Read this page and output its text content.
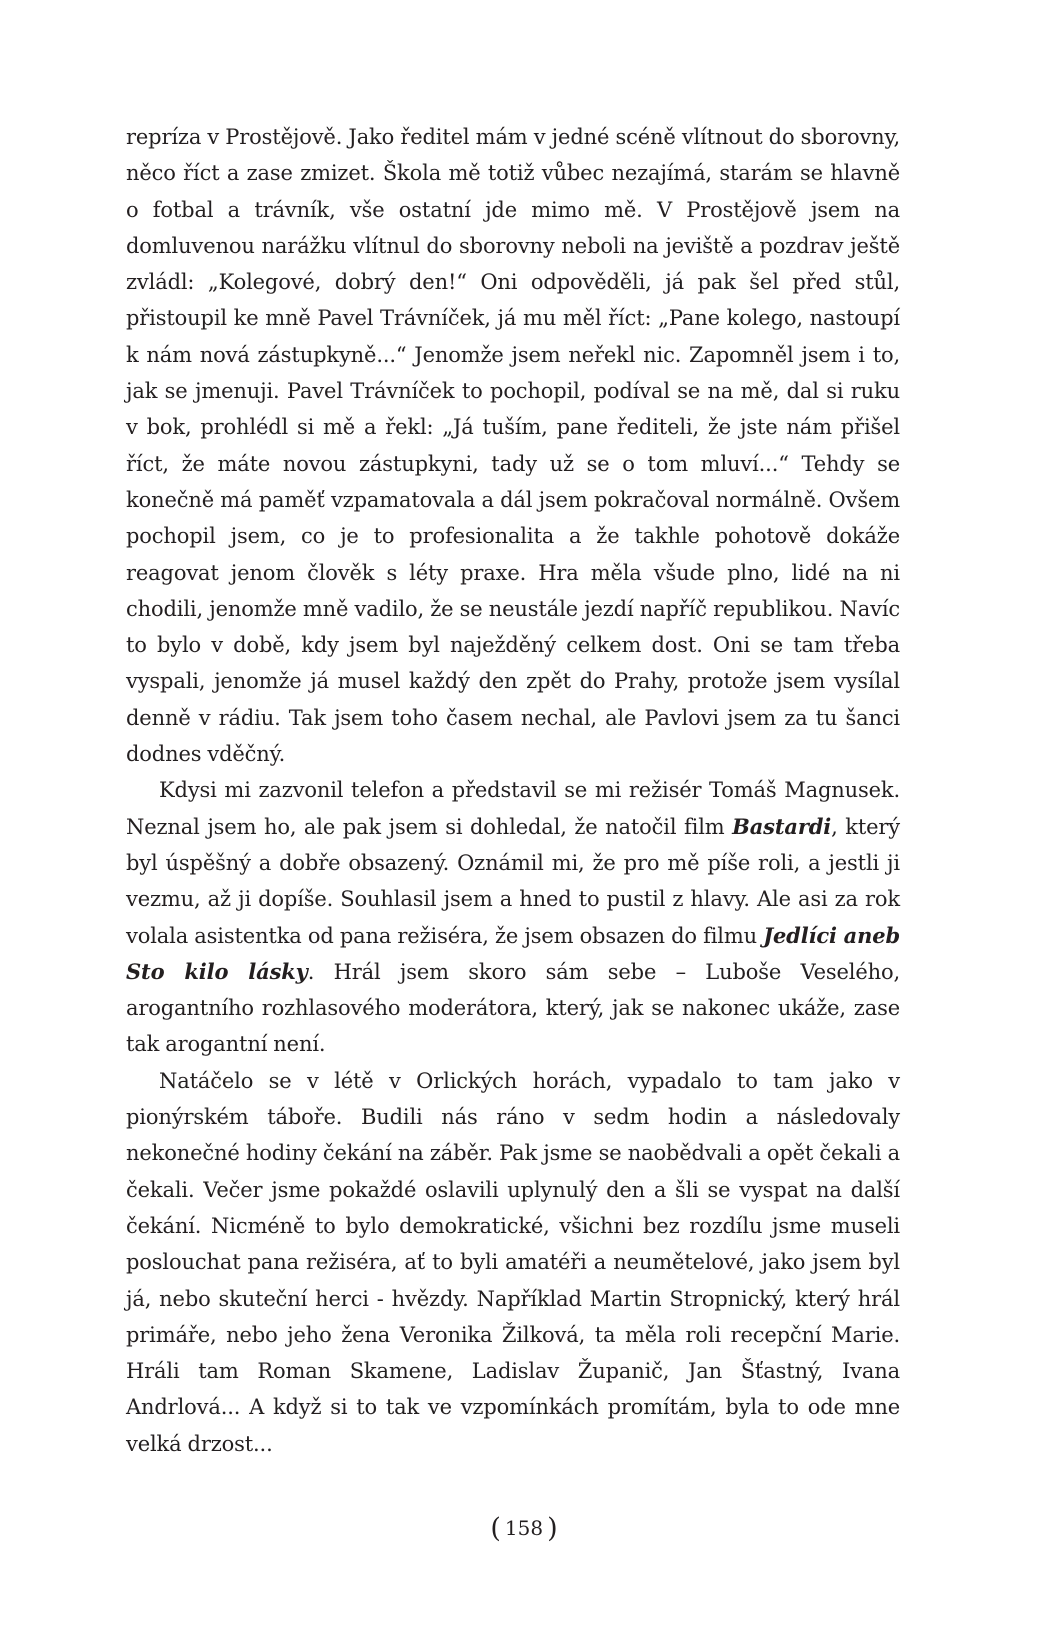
repríza v Prostějově. Jako ředitel mám v jedné scéně vlítnout do sborovny, něco říct a zase zmizet. Škola mě totiž vůbec nezajímá, starám se hlavně o fotbal a trávník, vše ostatní jde mimo mě. V Prostějově jsem na domluvenou narážku vlítnul do sborovny neboli na jeviště a pozdrav ještě zvládl: „Kolegové, dobrý den!“ Oni odpověděli, já pak šel před stůl, přistoupil ke mně Pavel Trávníček, já mu měl říct: „Pane kolego, nastoupí k nám nová zástupkyně...“ Jenomže jsem neřekl nic. Zapomněl jsem i to, jak se jmenuji. Pavel Trávníček to pochopil, podíval se na mě, dal si ruku v bok, prohlédl si mě a řekl: „Já tuším, pane řediteli, že jste nám přišel říct, že máte novou zástupkyni, tady už se o tom mluví...“ Tehdy se konečně má paměť vzpamatovala a dál jsem pokračoval normálně. Ovšem pochopil jsem, co je to profesionalita a že takhle pohotově dokáže reagovat jenom člověk s léty praxe. Hra měla všude plno, lidé na ni chodili, jenomže mně vadilo, že se neustále jezdí napříč republikou. Navíc to bylo v době, kdy jsem byl naježděný celkem dost. Oni se tam třeba vyspali, jenomže já musel každý den zpět do Prahy, protože jsem vysílal denně v rádiu. Tak jsem toho časem nechal, ale Pavlovi jsem za tu šanci dodnes vděčný.

Kdysi mi zazvonil telefon a představil se mi režisér Tomáš Magnusek. Neznal jsem ho, ale pak jsem si dohledal, že natočil film Bastardi, který byl úspěšný a dobře obsazený. Oznámil mi, že pro mě píše roli, a jestli ji vezmu, až ji dopíše. Souhlasil jsem a hned to pustil z hlavy. Ale asi za rok volala asistentka od pana režiséra, že jsem obsazen do filmu Jedlíci aneb Sto kilo lásky. Hrál jsem skoro sám sebe – Luboše Veselého, arogantního rozhlasového moderátora, který, jak se nakonec ukáže, zase tak arogantní není.

Natáčelo se v létě v Orlických horách, vypadalo to tam jako v pionýrském táboře. Budili nás ráno v sedm hodin a následovaly nekonečné hodiny čekání na záběr. Pak jsme se naobědvali a opět čekali a čekali. Večer jsme pokaždé oslavili uplynulý den a šli se vyspat na další čekání. Nicméně to bylo demokratické, všichni bez rozdílu jsme museli poslouchat pana režiséra, ať to byli amatéři a neumětelové, jako jsem byl já, nebo skuteční herci - hvězdy. Například Martin Stropnický, který hrál primáře, nebo jeho žena Veronika Žilková, ta měla roli recepční Marie. Hráli tam Roman Skamene, Ladislav Županič, Jan Šťastný, Ivana Andrlová... A když si to tak ve vzpomínkách promítám, byla to ode mne velká drzost...

( 158 )
